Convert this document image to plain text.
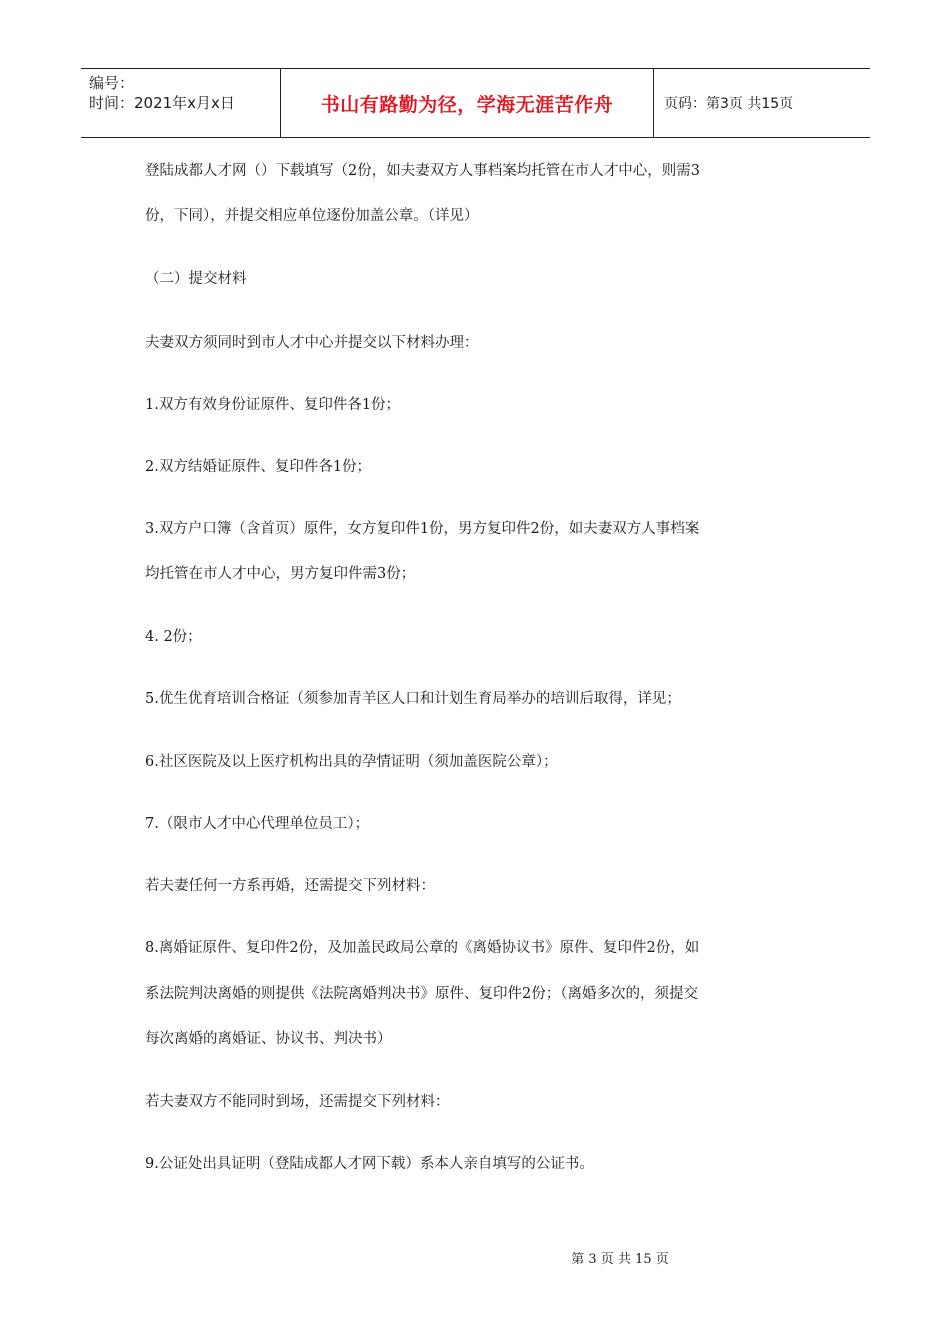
编号：
时间：2021年x月x日	书山有路勤为径，学海无涯苦作舟	页码：第3页 共15页
登陆成都人才网（）下载填写（2份，如夫妻双方人事档案均托管在市人才中心，则需3
份，下同），并提交相应单位逐份加盖公章。（详见）
（二）提交材料
夫妻双方须同时到市人才中心并提交以下材料办理：
1.双方有效身份证原件、复印件各1份；
2.双方结婚证原件、复印件各1份；
3.双方户口簿（含首页）原件，女方复印件1份，男方复印件2份，如夫妻双方人事档案
均托管在市人才中心，男方复印件需3份；
4. 2份；
5.优生优育培训合格证（须参加青羊区人口和计划生育局举办的培训后取得，详见；
6.社区医院及以上医疗机构出具的孕情证明（须加盖医院公章）；
7.（限市人才中心代理单位员工）；
若夫妻任何一方系再婚，还需提交下列材料：
8.离婚证原件、复印件2份，及加盖民政局公章的《离婚协议书》原件、复印件2份，如
系法院判决离婚的则提供《法院离婚判决书》原件、复印件2份；（离婚多次的，须提交
每次离婚的离婚证、协议书、判决书）
若夫妻双方不能同时到场，还需提交下列材料：
9.公证处出具证明（登陆成都人才网下载）系本人亲自填写的公证书。
第 3 页 共 15 页
